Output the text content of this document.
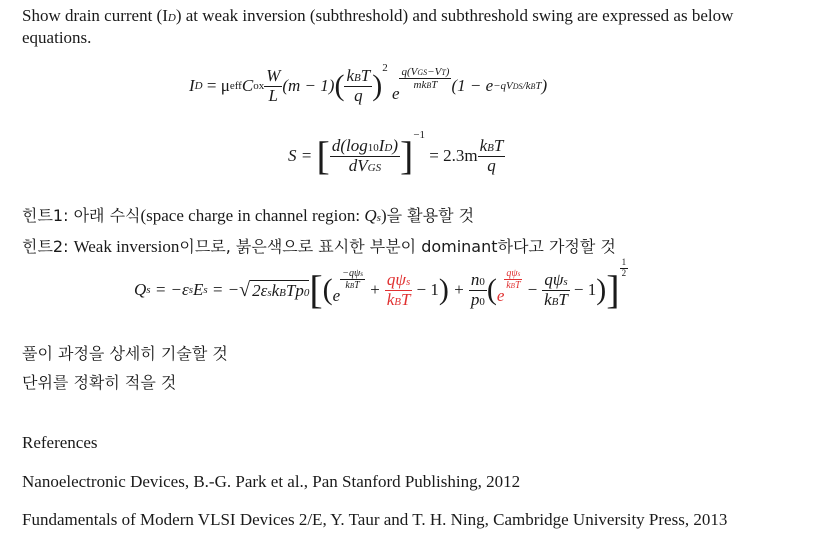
Show drain current (ID) at weak inversion (subthreshold) and subthreshold swing are expressed as below
equations.
I D
= μ eff C ox $\frac{W}{L} (m - 1)$ ( $\frac{\text{kBT}}{q}$ )
2

e
$\frac{\text{q(VGS−VT)}}{\text{mkBT}} (1 - e$ −qVDS/kBT )
S =
[ $\frac{d(\log 10ID)}{\text{dVGS}}$ ] −1

= $2.3m \frac{\text{kBT}}{q}$
힌트1: 아래 수식(space charge in channel region: Qs)을 활용할 것
힌트2: Weak inversion이므로, 붉은색으로 표시한 부분이 dominant하다고 가정할 것
Q s
= −ε s E s
= − √ 2εskBTp0 [ ( e
$\frac{\text{−qψs}}{\text{kBT}}$
+
$\frac{\text{qψs}}{\text{kBT}}$
− 1 )
+
$\frac{n0}{p0}$ ( e
$\frac{\text{qψs}}{\text{kBT}}$
−
$\frac{\text{qψs}}{\text{kBT}}$
− 1 ) ] $\frac{1}{2}$
풀이 과정을 상세히 기술할 것
단위를 정확히 적을 것
References
Nanoelectronic Devices, B.-G. Park et al., Pan Stanford Publishing, 2012
Fundamentals of Modern VLSI Devices 2/E, Y. Taur and T. H. Ning, Cambridge University Press, 2013
